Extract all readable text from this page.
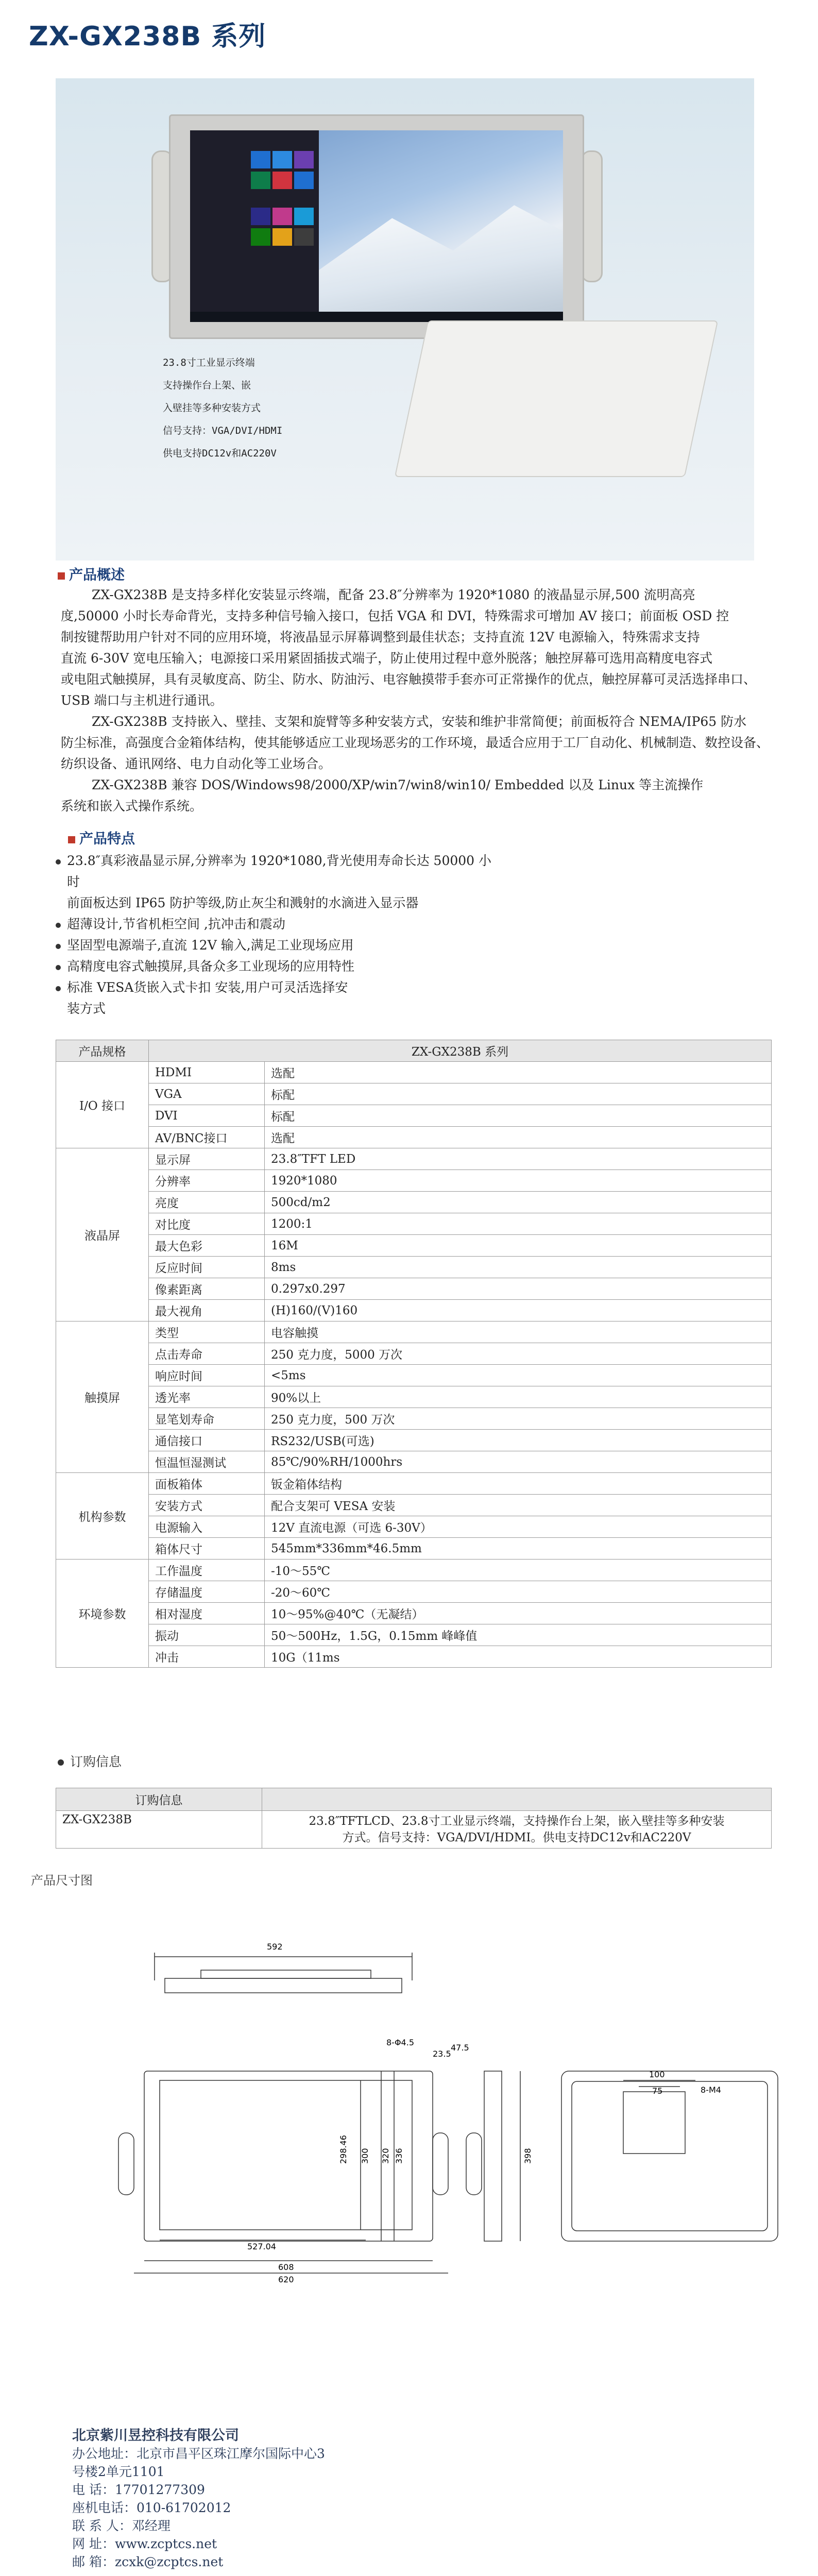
ZX-GX238B 系列
23.8寸工业显示终端
支持操作台上架、嵌
入壁挂等多种安装方式
信号支持：VGA/DVI/HDMI
供电支持DC12v和AC220V
产品概述
ZX-GX238B 是支持多样化安装显示终端，配备 23.8″分辨率为 1920*1080 的液晶显示屏,500 流明高亮
度,50000 小时长寿命背光，支持多种信号输入接口，包括 VGA 和 DVI，特殊需求可增加 AV 接口；前面板 OSD 控
制按键帮助用户针对不同的应用环境，将液晶显示屏幕调整到最佳状态；支持直流 12V 电源输入，特殊需求支持
直流 6-30V 宽电压输入；电源接口采用紧固插拔式端子，防止使用过程中意外脱落；触控屏幕可选用高精度电容式
或电阻式触摸屏，具有灵敏度高、防尘、防水、防油污、电容触摸带手套亦可正常操作的优点，触控屏幕可灵活选择串口、
USB 端口与主机进行通讯。
ZX-GX238B 支持嵌入、壁挂、支架和旋臂等多种安装方式，安装和维护非常简便；前面板符合 NEMA/IP65 防水
防尘标准，高强度合金箱体结构，使其能够适应工业现场恶劣的工作环境，最适合应用于工厂自动化、机械制造、数控设备、
纺织设备、通讯网络、电力自动化等工业场合。
ZX-GX238B 兼容 DOS/Windows98/2000/XP/win7/win8/win10/ Embedded 以及 Linux 等主流操作
系统和嵌入式操作系统。
产品特点
23.8″真彩液晶显示屏,分辨率为 1920*1080,背光使用寿命长达 50000 小
时
前面板达到 IP65 防护等级,防止灰尘和溅射的水滴进入显示器
超薄设计,节省机柜空间 ,抗冲击和震动
坚固型电源端子,直流 12V 输入,满足工业现场应用
高精度电容式触摸屏,具备众多工业现场的应用特性
标准 VESA货嵌入式卡扣 安装,用户可灵活选择安
装方式
产品规格	ZX-GX238B 系列	
I/O 接口	HDMI	选配
	VGA	标配
	DVI	标配
	AV/BNC接口	选配
液晶屏	显示屏	23.8″TFT LED
	分辨率	1920*1080
	亮度	500cd/m2
	对比度	1200:1
	最大色彩	16M
	反应时间	8ms
	像素距离	0.297x0.297
	最大视角	(H)160/(V)160
触摸屏	类型	电容触摸
	点击寿命	250 克力度，5000 万次
	响应时间	<5ms
	透光率	90%以上
	显笔划寿命	250 克力度，500 万次
	通信接口	RS232/USB(可选)
	恒温恒湿测试	85℃/90%RH/1000hrs
机构参数	面板箱体	钣金箱体结构
	安装方式	配合支架可 VESA 安装
	电源输入	12V 直流电源（可选 6-30V）
	箱体尺寸	545mm*336mm*46.5mm
环境参数	工作温度	-10～55℃
	存储温度	-20～60℃
	相对湿度	10～95%@40℃（无凝结）
	振动	50～500Hz，1.5G，0.15mm 峰峰值
	冲击	10G（11ms
订购信息
订购信息	
ZX-GX238B	23.8″TFTLCD、23.8寸工业显示终端，支持操作台上架，嵌入壁挂等多种安装
方式。信号支持：VGA/DVI/HDMI。供电支持DC12v和AC220V
产品尺寸图
592
8-Φ4.5
47.5
23.5
298.46 300 320 336	398
527.04
608
620
100
75	8-M4
北京紫川昱控科技有限公司
办公地址：北京市昌平区珠江摩尔国际中心3
号楼2单元1101
电 话：17701277309
座机电话：010-61702012
联 系 人：邓经理
网 址：www.zcptcs.net
邮 箱：zcxk@zcptcs.net
